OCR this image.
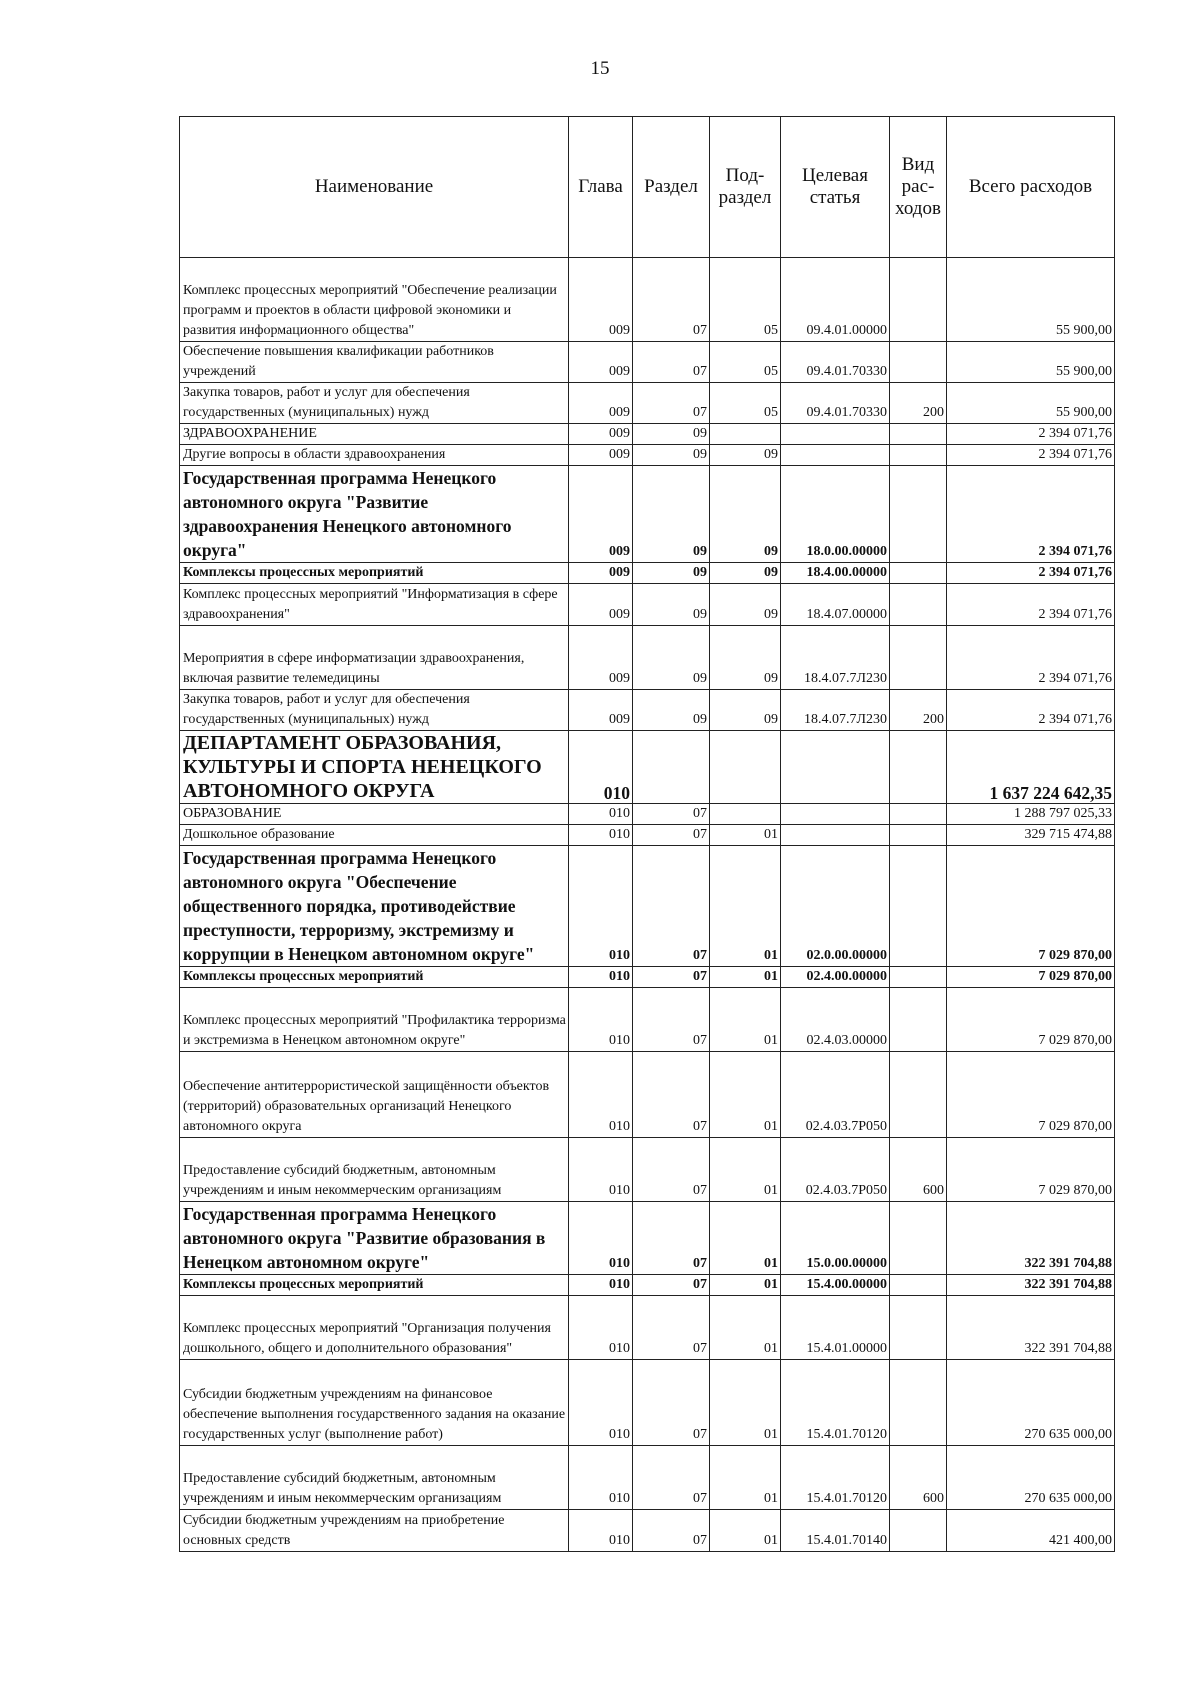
15
Наименование	Глава	Раздел	Под- раздел	Целевая статья	Вид рас- ходов	Всего расходов
Комплекс процессных мероприятий "Обеспечение реализации программ и проектов в области цифровой экономики и развития информационного общества"	009	07	05	09.4.01.00000		55 900,00
Обеспечение повышения квалификации работников учреждений	009	07	05	09.4.01.70330		55 900,00
Закупка товаров, работ и услуг для обеспечения государственных (муниципальных) нужд	009	07	05	09.4.01.70330	200	55 900,00
ЗДРАВООХРАНЕНИЕ	009	09				2 394 071,76
Другие вопросы в области здравоохранения	009	09	09			2 394 071,76
Государственная программа Ненецкого автономного округа "Развитие здравоохранения Ненецкого автономного округа"	009	09	09	18.0.00.00000		2 394 071,76
Комплексы процессных мероприятий	009	09	09	18.4.00.00000		2 394 071,76
Комплекс процессных мероприятий "Информатизация в сфере здравоохранения"	009	09	09	18.4.07.00000		2 394 071,76
Мероприятия в сфере информатизации здравоохранения, включая развитие телемедицины	009	09	09	18.4.07.7Л230		2 394 071,76
Закупка товаров, работ и услуг для обеспечения государственных (муниципальных) нужд	009	09	09	18.4.07.7Л230	200	2 394 071,76
ДЕПАРТАМЕНТ ОБРАЗОВАНИЯ, КУЛЬТУРЫ И СПОРТА НЕНЕЦКОГО АВТОНОМНОГО ОКРУГА	010					1 637 224 642,35
ОБРАЗОВАНИЕ	010	07				1 288 797 025,33
Дошкольное образование	010	07	01			329 715 474,88
Государственная программа Ненецкого автономного округа "Обеспечение общественного порядка, противодействие преступности, терроризму, экстремизму и коррупции в Ненецком автономном округе"	010	07	01	02.0.00.00000		7 029 870,00
Комплексы процессных мероприятий	010	07	01	02.4.00.00000		7 029 870,00
Комплекс процессных мероприятий "Профилактика терроризма и экстремизма в Ненецком автономном округе"	010	07	01	02.4.03.00000		7 029 870,00
Обеспечение антитеррористической защищённости объектов (территорий) образовательных организаций Ненецкого автономного округа	010	07	01	02.4.03.7Р050		7 029 870,00
Предоставление субсидий бюджетным, автономным учреждениям и иным некоммерческим организациям	010	07	01	02.4.03.7Р050	600	7 029 870,00
Государственная программа Ненецкого автономного округа "Развитие образования в Ненецком автономном округе"	010	07	01	15.0.00.00000		322 391 704,88
Комплексы процессных мероприятий	010	07	01	15.4.00.00000		322 391 704,88
Комплекс процессных мероприятий "Организация получения дошкольного, общего и дополнительного образования"	010	07	01	15.4.01.00000		322 391 704,88
Субсидии бюджетным учреждениям на финансовое обеспечение выполнения государственного задания на оказание государственных услуг (выполнение работ)	010	07	01	15.4.01.70120		270 635 000,00
Предоставление субсидий бюджетным, автономным учреждениям и иным некоммерческим организациям	010	07	01	15.4.01.70120	600	270 635 000,00
Субсидии бюджетным учреждениям на приобретение основных средств	010	07	01	15.4.01.70140		421 400,00
